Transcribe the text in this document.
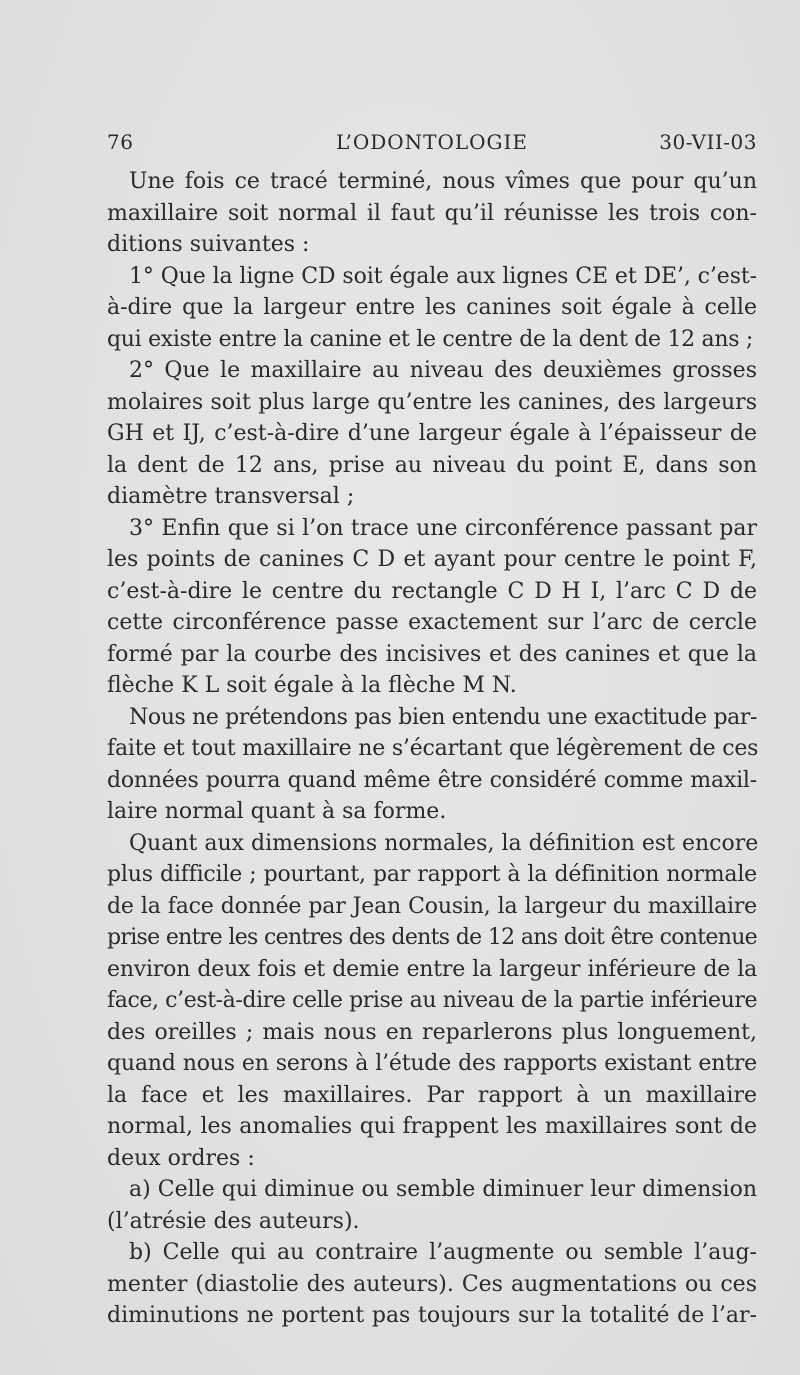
76	L’ODONTOLOGIE	30-VII-03
Une fois ce tracé terminé, nous vîmes que pour qu’un
maxillaire soit normal il faut qu’il réunisse les trois con-
ditions suivantes :
1° Que la ligne CD soit égale aux lignes CE et DE’, c’est-
à-dire que la largeur entre les canines soit égale à celle
qui existe entre la canine et le centre de la dent de 12 ans ;
2° Que le maxillaire au niveau des deuxièmes grosses
molaires soit plus large qu’entre les canines, des largeurs
GH et IJ, c’est-à-dire d’une largeur égale à l’épaisseur de
la dent de 12 ans, prise au niveau du point E, dans son
diamètre transversal ;
3° Enfin que si l’on trace une circonférence passant par
les points de canines C D et ayant pour centre le point F,
c’est-à-dire le centre du rectangle C D H I, l’arc C D de
cette circonférence passe exactement sur l’arc de cercle
formé par la courbe des incisives et des canines et que la
flèche K L soit égale à la flèche M N.
Nous ne prétendons pas bien entendu une exactitude par-
faite et tout maxillaire ne s’écartant que légèrement de ces
données pourra quand même être considéré comme maxil-
laire normal quant à sa forme.
Quant aux dimensions normales, la définition est encore
plus difficile ; pourtant, par rapport à la définition normale
de la face donnée par Jean Cousin, la largeur du maxillaire
prise entre les centres des dents de 12 ans doit être contenue
environ deux fois et demie entre la largeur inférieure de la
face, c’est-à-dire celle prise au niveau de la partie inférieure
des oreilles ; mais nous en reparlerons plus longuement,
quand nous en serons à l’étude des rapports existant entre
la face et les maxillaires. Par rapport à un maxillaire
normal, les anomalies qui frappent les maxillaires sont de
deux ordres :
a) Celle qui diminue ou semble diminuer leur dimension
(l’atrésie des auteurs).
b) Celle qui au contraire l’augmente ou semble l’aug-
menter (diastolie des auteurs). Ces augmentations ou ces
diminutions ne portent pas toujours sur la totalité de l’ar-
